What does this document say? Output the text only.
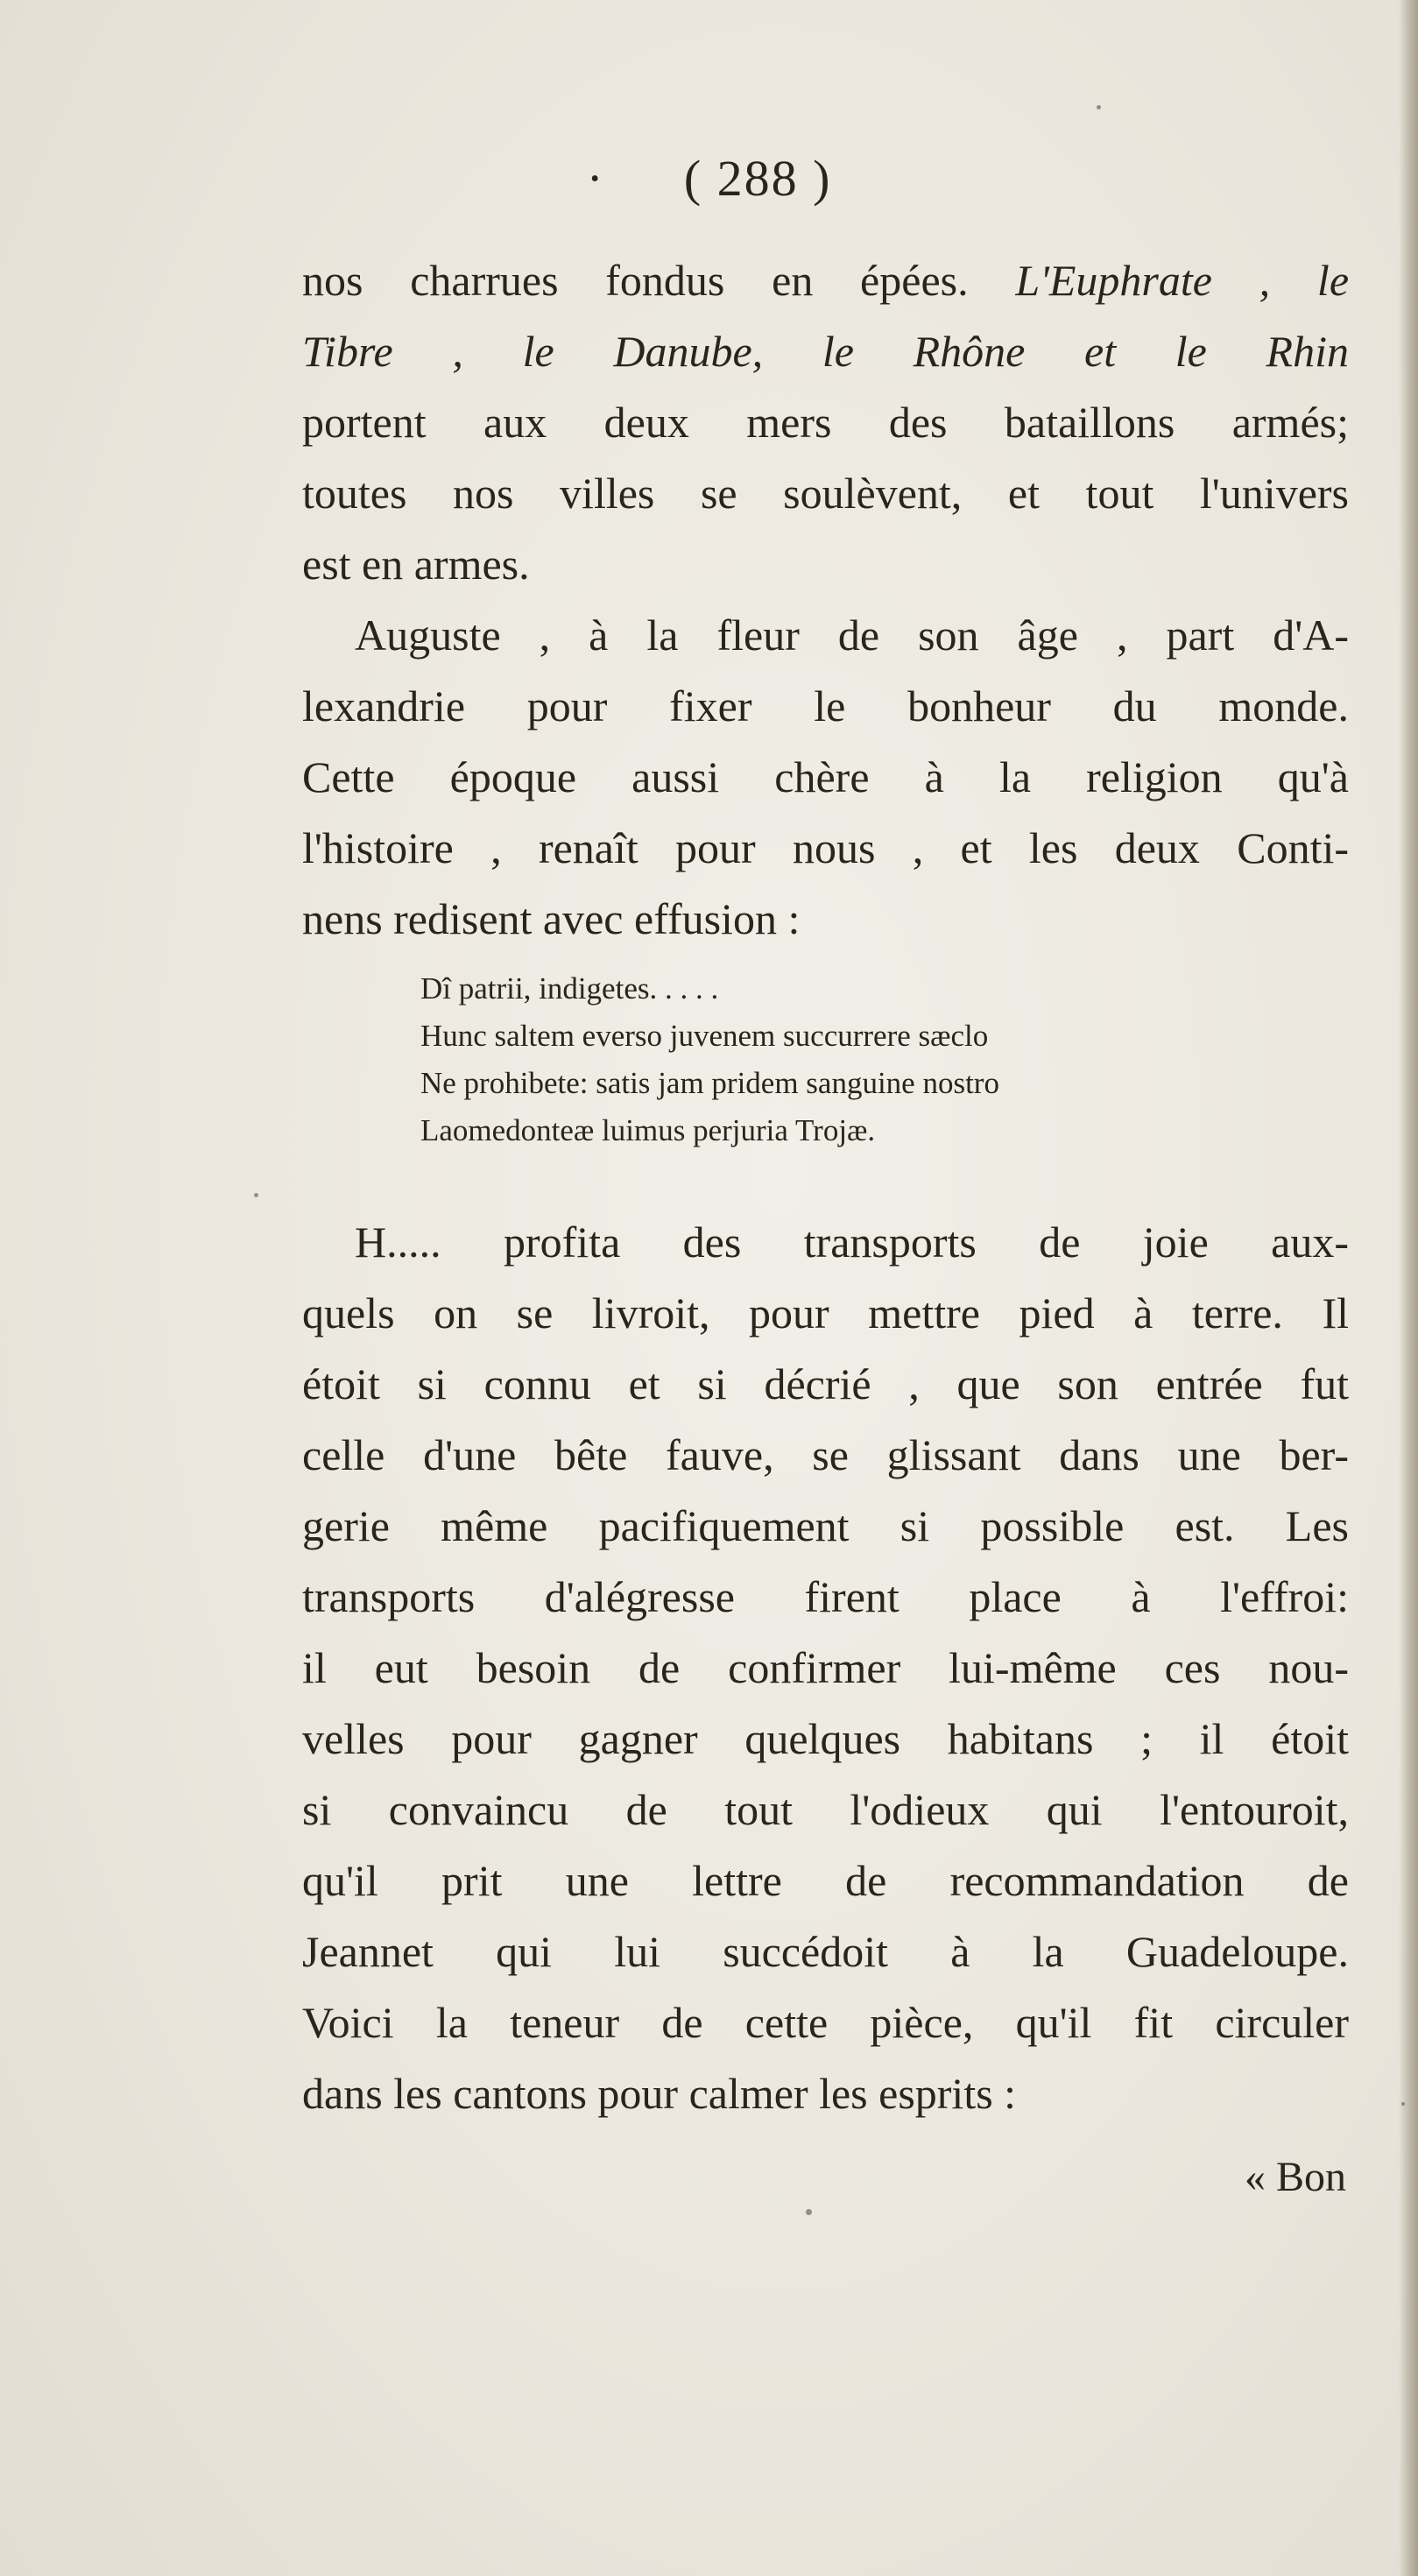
· ( 288 )
nos charrues fondus en épées. L'Euphrate , le
Tibre , le Danube, le Rhône et le Rhin
portent aux deux mers des bataillons armés;
toutes nos villes se soulèvent, et tout l'univers
est en armes.
Auguste , à la fleur de son âge , part d'A-
lexandrie pour fixer le bonheur du monde.
Cette époque aussi chère à la religion qu'à
l'histoire , renaît pour nous , et les deux Conti-
nens redisent avec effusion :
Dî patrii, indigetes. . . . .
Hunc saltem everso juvenem succurrere sæclo
Ne prohibete: satis jam pridem sanguine nostro
Laomedonteæ luimus perjuria Trojæ.
H..... profita des transports de joie aux-
quels on se livroit, pour mettre pied à terre. Il
étoit si connu et si décrié , que son entrée fut
celle d'une bête fauve, se glissant dans une ber-
gerie même pacifiquement si possible est. Les
transports d'alégresse firent place à l'effroi:
il eut besoin de confirmer lui-même ces nou-
velles pour gagner quelques habitans ; il étoit
si convaincu de tout l'odieux qui l'entouroit,
qu'il prit une lettre de recommandation de
Jeannet qui lui succédoit à la Guadeloupe.
Voici la teneur de cette pièce, qu'il fit circuler
dans les cantons pour calmer les esprits :
« Bon
